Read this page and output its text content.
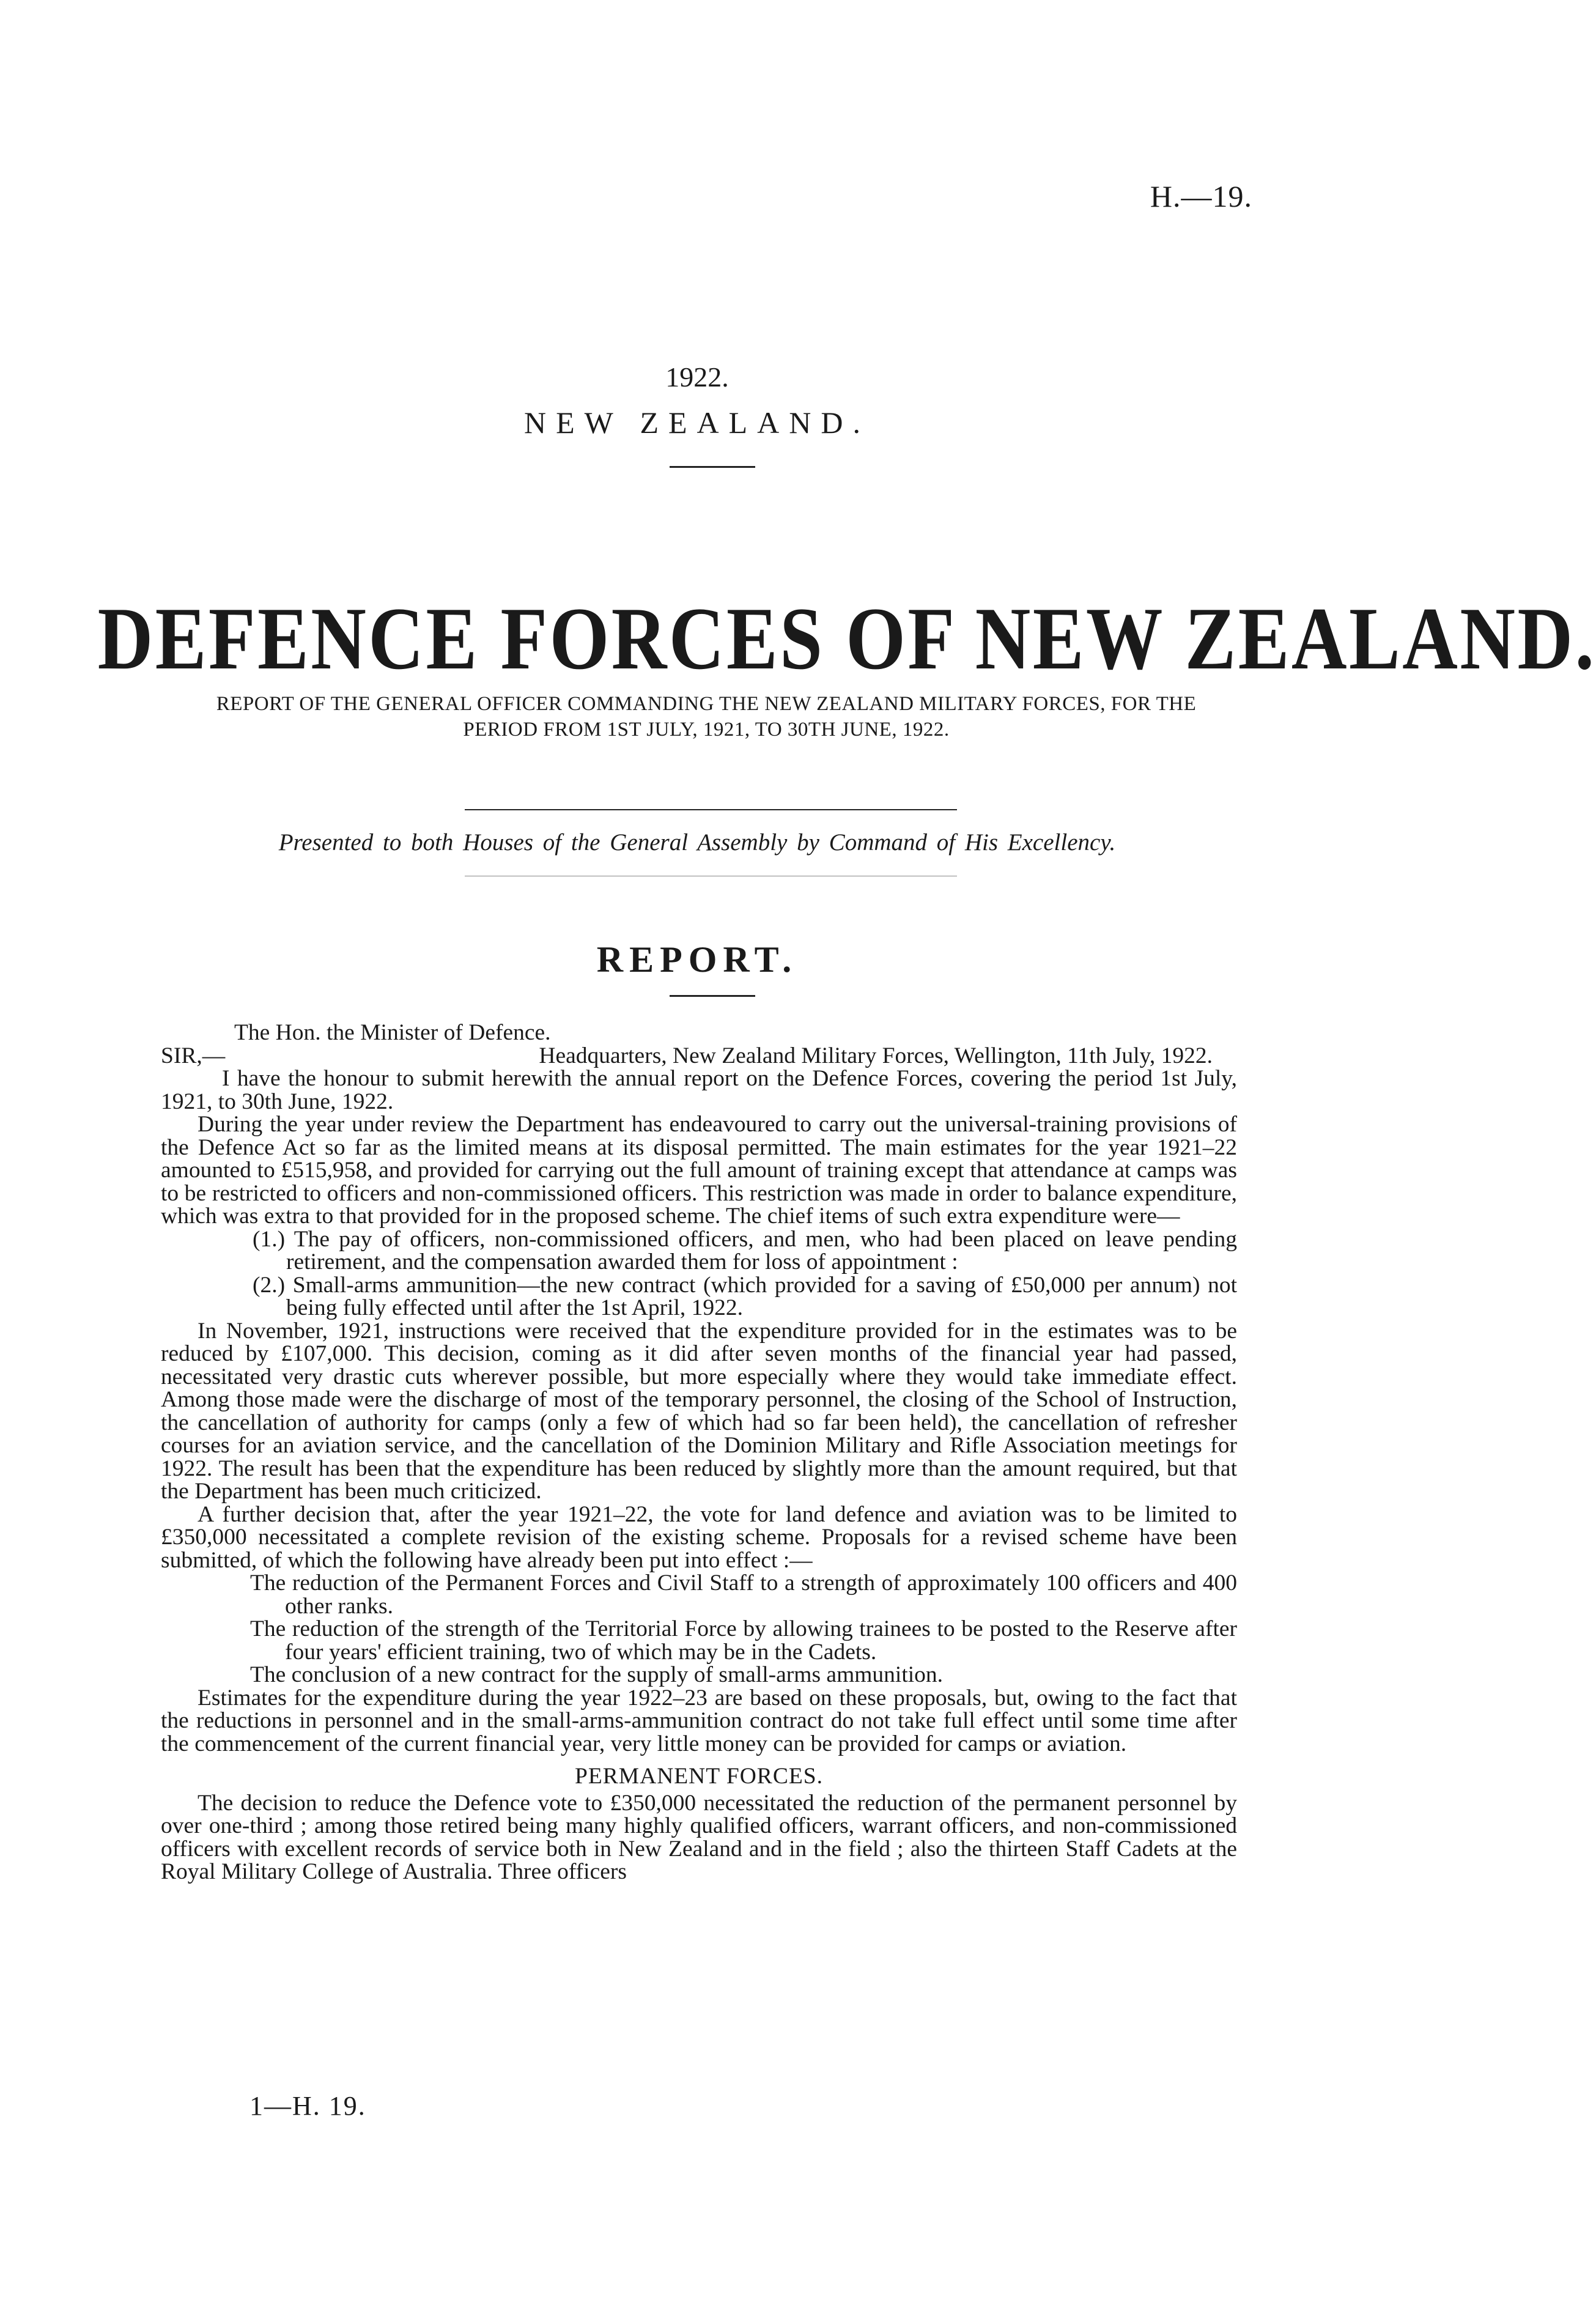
H.—19.
1922.
NEW ZEALAND.
DEFENCE FORCES OF NEW ZEALAND.
REPORT OF THE GENERAL OFFICER COMMANDING THE NEW ZEALAND MILITARY FORCES, FOR THE PERIOD FROM 1ST JULY, 1921, TO 30TH JUNE, 1922.
Presented to both Houses of the General Assembly by Command of His Excellency.
REPORT.

The Hon. the Minister of Defence.

SIR,—	Headquarters, New Zealand Military Forces, Wellington, 11th July, 1922.

I have the honour to submit herewith the annual report on the Defence Forces, covering the period 1st July, 1921, to 30th June, 1922.

During the year under review the Department has endeavoured to carry out the universal-training provisions of the Defence Act so far as the limited means at its disposal permitted. The main estimates for the year 1921–22 amounted to £515,958, and provided for carrying out the full amount of training except that attendance at camps was to be restricted to officers and non-commissioned officers. This restriction was made in order to balance expenditure, which was extra to that provided for in the proposed scheme. The chief items of such extra expenditure were—

(1.) The pay of officers, non-commissioned officers, and men, who had been placed on leave pending retirement, and the compensation awarded them for loss of appointment :

(2.) Small-arms ammunition—the new contract (which provided for a saving of £50,000 per annum) not being fully effected until after the 1st April, 1922.

In November, 1921, instructions were received that the expenditure provided for in the estimates was to be reduced by £107,000. This decision, coming as it did after seven months of the financial year had passed, necessitated very drastic cuts wherever possible, but more especially where they would take immediate effect. Among those made were the discharge of most of the temporary personnel, the closing of the School of Instruction, the cancellation of authority for camps (only a few of which had so far been held), the cancellation of refresher courses for an aviation service, and the cancellation of the Dominion Military and Rifle Association meetings for 1922. The result has been that the expenditure has been reduced by slightly more than the amount required, but that the Department has been much criticized.

A further decision that, after the year 1921–22, the vote for land defence and aviation was to be limited to £350,000 necessitated a complete revision of the existing scheme. Proposals for a revised scheme have been submitted, of which the following have already been put into effect :—

The reduction of the Permanent Forces and Civil Staff to a strength of approximately 100 officers and 400 other ranks.

The reduction of the strength of the Territorial Force by allowing trainees to be posted to the Reserve after four years' efficient training, two of which may be in the Cadets.

The conclusion of a new contract for the supply of small-arms ammunition.

Estimates for the expenditure during the year 1922–23 are based on these proposals, but, owing to the fact that the reductions in personnel and in the small-arms-ammunition contract do not take full effect until some time after the commencement of the current financial year, very little money can be provided for camps or aviation.

PERMANENT FORCES.

The decision to reduce the Defence vote to £350,000 necessitated the reduction of the permanent personnel by over one-third ; among those retired being many highly qualified officers, warrant officers, and non-commissioned officers with excellent records of service both in New Zealand and in the field ; also the thirteen Staff Cadets at the Royal Military College of Australia. Three officers

1—H. 19.
